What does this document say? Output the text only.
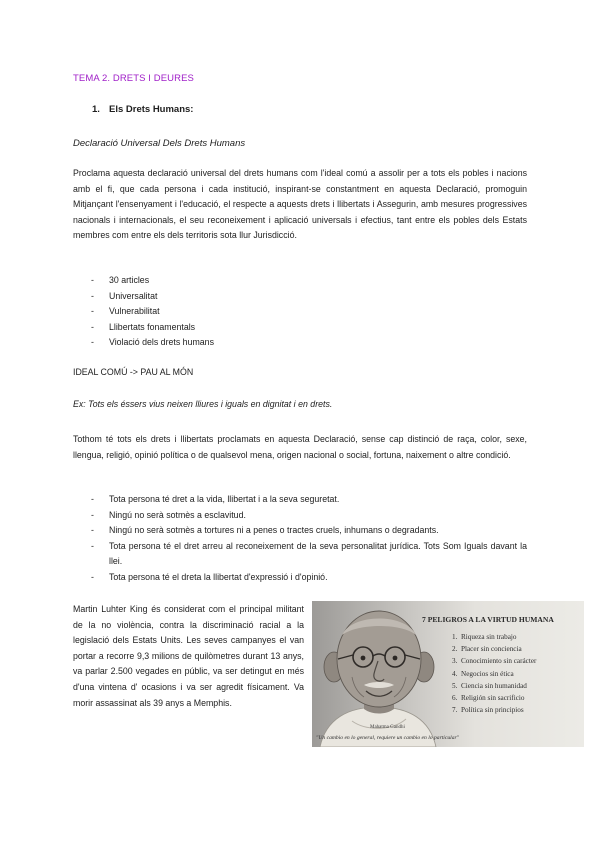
TEMA 2. DRETS I DEURES
1. Els Drets Humans:
Declaració Universal Dels Drets Humans
Proclama aquesta declaració universal del drets humans com l'ideal comú a assolir per a tots els pobles i nacions amb el fi, que cada persona i cada institució, inspirant-se constantment en aquesta Declaració, promoguin Mitjançant l'ensenyament i l'educació, el respecte a aquests drets i llibertats i Assegurin, amb mesures progressives nacionals i internacionals, el seu reconeixement i aplicació universals i efectius, tant entre els pobles dels Estats membres com entre els dels territoris sota llur Jurisdicció.
- 30 articles
- Universalitat
- Vulnerabilitat
- Llibertats fonamentals
- Violació dels drets humans
IDEAL COMÚ -> PAU AL MÓN
Ex: Tots els éssers vius neixen lliures i iguals en dignitat i en drets.
Tothom té tots els drets i llibertats proclamats en aquesta Declaració, sense cap distinció de raça, color, sexe, llengua, religió, opinió política o de qualsevol mena, origen nacional o social, fortuna, naixement o altre condició.
- Tota persona té dret a la vida, llibertat i a la seva seguretat.
- Ningú no serà sotmès a esclavitud.
- Ningú no serà sotmès a tortures ni a penes o tractes cruels, inhumans o degradants.
- Tota persona té el dret arreu al reconeixement de la seva personalitat jurídica. Tots Som Iguals davant la llei.
- Tota persona té el dreta la llibertat d'expressió i d'opinió.
Martin Luhter King és considerat com el principal militant de la no violència, contra la discriminació racial a la legislació dels Estats Units. Les seves campanyes el van portar a recorre 9,3 milions de quilòmetres durant 13 anys, va parlar 2.500 vegades en públic, va ser detingut en més d'una vintena d' ocasions i va ser agredit físicament. Va morir assassinat als 39 anys a Memphis.
7 PELIGROS A LA VIRTUD HUMANA
1. Riqueza sin trabajo
2. Placer sin conciencia
3. Conocimiento sin carácter
4. Negocios sin ética
5. Ciencia sin humanidad
6. Religión sin sacrificio
7. Política sin principios
Mahatma Gandhi
"Un cambio en lo general, requiere un cambio en lo particular"
